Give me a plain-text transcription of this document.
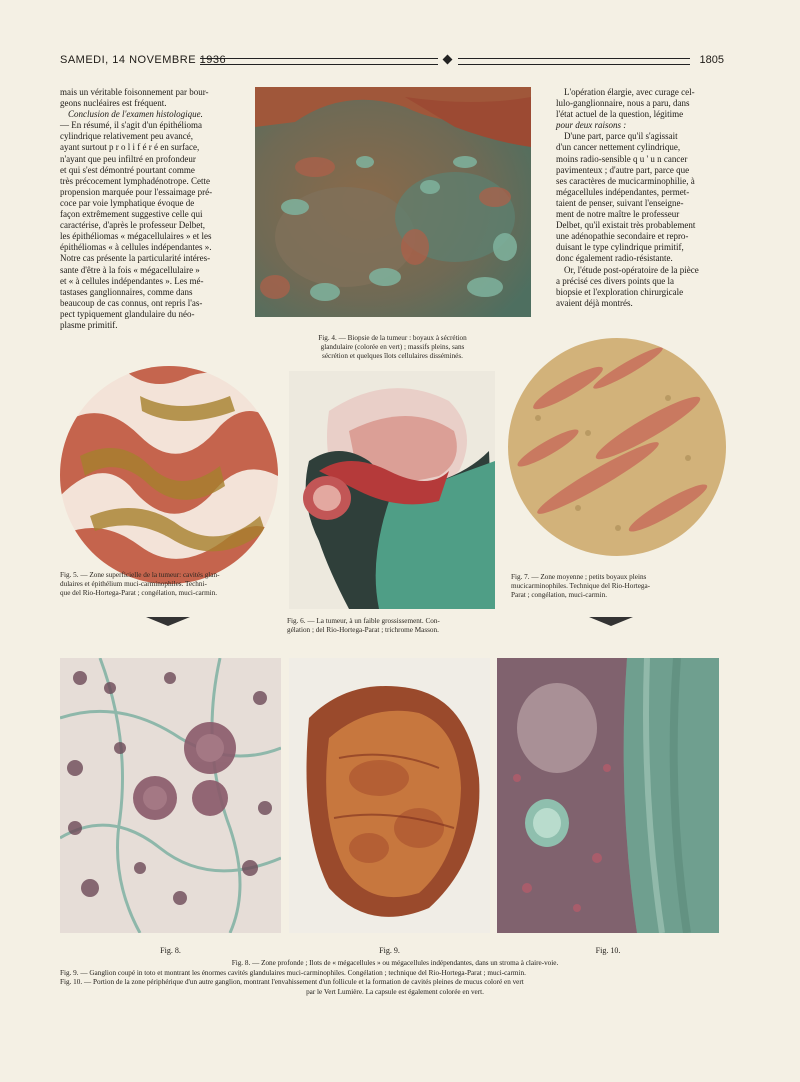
SAMEDI, 14 NOVEMBRE 1936	1805

mais un véritable foisonnement par bour-

geons nucléaires est fréquent.

Conclusion de l'examen histologique.

— En résumé, il s'agit d'un épithélioma

cylindrique relativement peu avancé,

ayant surtout p r o l i f é r é en surface,

n'ayant que peu infiltré en profondeur

et qui s'est démontré pourtant comme

très précocement lymphadénotrope. Cette

propension marquée pour l'essaimage pré-

coce par voie lymphatique évoque de

façon extrêmement suggestive celle qui

caractérise, d'après le professeur Delbet,

les épithéliomas « mégacellulaires » et les

épithéliomas « à cellules indépendantes ».

Notre cas présente la particularité intéres-

sante d'être à la fois « mégacellulaire »

et « à cellules indépendantes ». Les mé-

tastases ganglionnaires, comme dans

beaucoup de cas connus, ont repris l'as-

pect typiquement glandulaire du néo-

plasme primitif.

L'opération élargie, avec curage cel-

lulo-ganglionnaire, nous a paru, dans

l'état actuel de la question, légitime

pour deux raisons :

D'une part, parce qu'il s'agissait

d'un cancer nettement cylindrique,

moins radio-sensible q u ' u n cancer

pavimenteux ; d'autre part, parce que

ses caractères de mucicarminophilie, à

mégacellules indépendantes, permet-

taient de penser, suivant l'enseigne-

ment de notre maître le professeur

Delbet, qu'il existait très probablement

une adénopathie secondaire et repro-

duisant le type cylindrique primitif,

donc également radio-résistante.

Or, l'étude post-opératoire de la pièce

a précisé ces divers points que la

biopsie et l'exploration chirurgicale

avaient déjà montrés.

Fig. 4. — Biopsie de la tumeur : boyaux à sécrétion
glandulaire (colorée en vert) ; massifs pleins, sans
sécrétion et quelques îlots cellulaires disséminés.
Fig. 5. — Zone superficielle de la tumeur: cavités glan-
dulaires et épithélium muci-carminophiles. Techni-
que del Rio-Hortega-Parat ; congélation, muci-carmin.
Fig. 7. — Zone moyenne ; petits boyaux pleins
mucicarminophiles. Technique del Rio-Hortega-
Parat ; congélation, muci-carmin.
Fig. 6. — La tumeur, à un faible grossissement. Con-
gélation ; del Rio-Hortega-Parat ; trichrome Masson.
Fig. 8.	Fig. 9.	Fig. 10.
Fig. 8. — Zone profonde ; Ilots de « mégacellules » ou mégacellules indépendantes, dans un stroma à claire-voie.
Fig. 9. — Ganglion coupé in toto et montrant les énormes cavités glandulaires muci-carminophiles. Congélation ; technique del Rio-Hortega-Parat ; muci-carmin.
Fig. 10. — Portion de la zone périphérique d'un autre ganglion, montrant l'envahissement d'un follicule et la formation de cavités pleines de mucus coloré en vert
par le Vert Lumière. La capsule est également colorée en vert.
